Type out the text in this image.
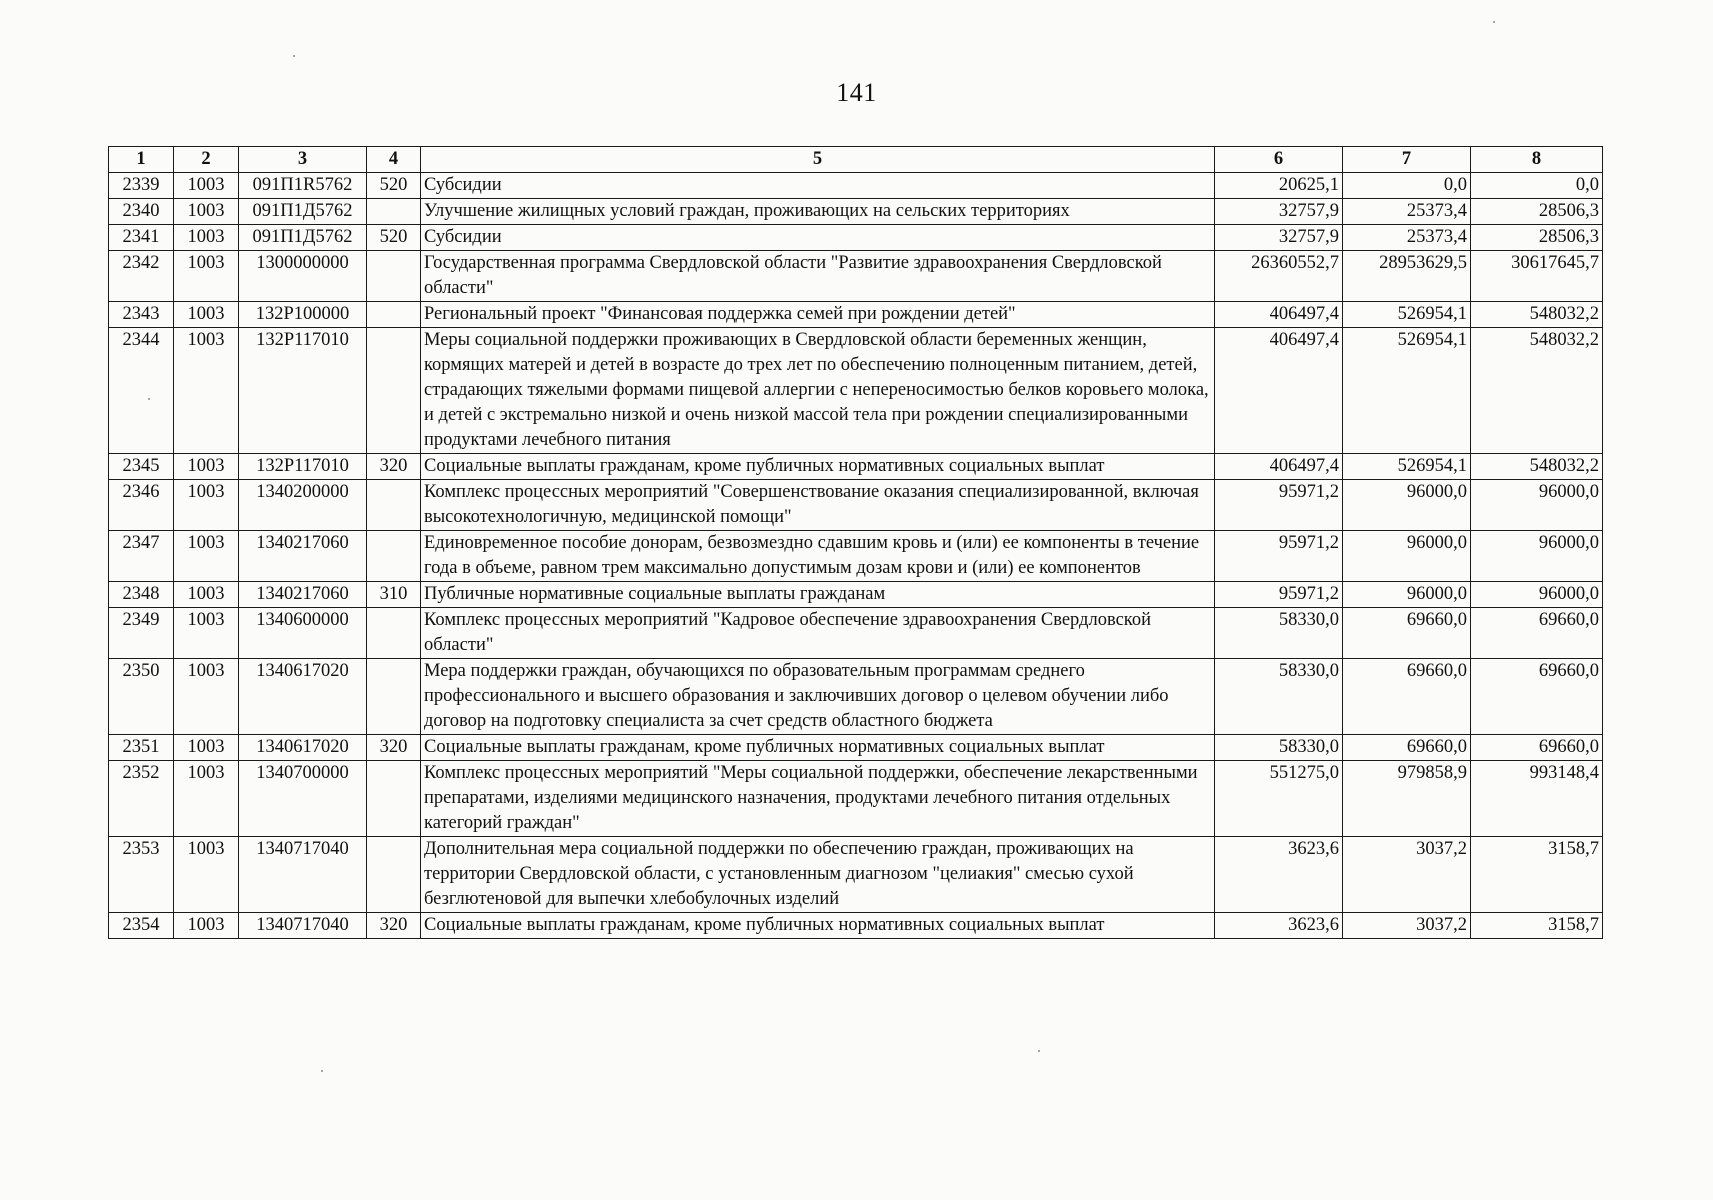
141
1	2	3	4	5	6	7	8
2339	1003	091П1R5762	520	Субсидии	20625,1	0,0	0,0
2340	1003	091П1Д5762		Улучшение жилищных условий граждан, проживающих на сельских территориях	32757,9	25373,4	28506,3
2341	1003	091П1Д5762	520	Субсидии	32757,9	25373,4	28506,3
2342	1003	1300000000		Государственная программа Свердловской области "Развитие здравоохранения Свердловской области"	26360552,7	28953629,5	30617645,7
2343	1003	132Р100000		Региональный проект "Финансовая поддержка семей при рождении детей"	406497,4	526954,1	548032,2
2344	1003	132Р117010		Меры социальной поддержки проживающих в Свердловской области беременных женщин, кормящих матерей и детей в возрасте до трех лет по обеспечению полноценным питанием, детей, страдающих тяжелыми формами пищевой аллергии с непереносимостью белков коровьего молока, и детей с экстремально низкой и очень низкой массой тела при рождении специализированными продуктами лечебного питания	406497,4	526954,1	548032,2
2345	1003	132Р117010	320	Социальные выплаты гражданам, кроме публичных нормативных социальных выплат	406497,4	526954,1	548032,2
2346	1003	1340200000		Комплекс процессных мероприятий "Совершенствование оказания специализированной, включая высокотехнологичную, медицинской помощи"	95971,2	96000,0	96000,0
2347	1003	1340217060		Единовременное пособие донорам, безвозмездно сдавшим кровь и (или) ее компоненты в течение года в объеме, равном трем максимально допустимым дозам крови и (или) ее компонентов	95971,2	96000,0	96000,0
2348	1003	1340217060	310	Публичные нормативные социальные выплаты гражданам	95971,2	96000,0	96000,0
2349	1003	1340600000		Комплекс процессных мероприятий "Кадровое обеспечение здравоохранения Свердловской области"	58330,0	69660,0	69660,0
2350	1003	1340617020		Мера поддержки граждан, обучающихся по образовательным программам среднего профессионального и высшего образования и заключивших договор о целевом обучении либо договор на подготовку специалиста за счет средств областного бюджета	58330,0	69660,0	69660,0
2351	1003	1340617020	320	Социальные выплаты гражданам, кроме публичных нормативных социальных выплат	58330,0	69660,0	69660,0
2352	1003	1340700000		Комплекс процессных мероприятий "Меры социальной поддержки, обеспечение лекарственными препаратами, изделиями медицинского назначения, продуктами лечебного питания отдельных категорий граждан"	551275,0	979858,9	993148,4
2353	1003	1340717040		Дополнительная мера социальной поддержки по обеспечению граждан, проживающих на территории Свердловской области, с установленным диагнозом "целиакия" смесью сухой безглютеновой для выпечки хлебобулочных изделий	3623,6	3037,2	3158,7
2354	1003	1340717040	320	Социальные выплаты гражданам, кроме публичных нормативных социальных выплат	3623,6	3037,2	3158,7
